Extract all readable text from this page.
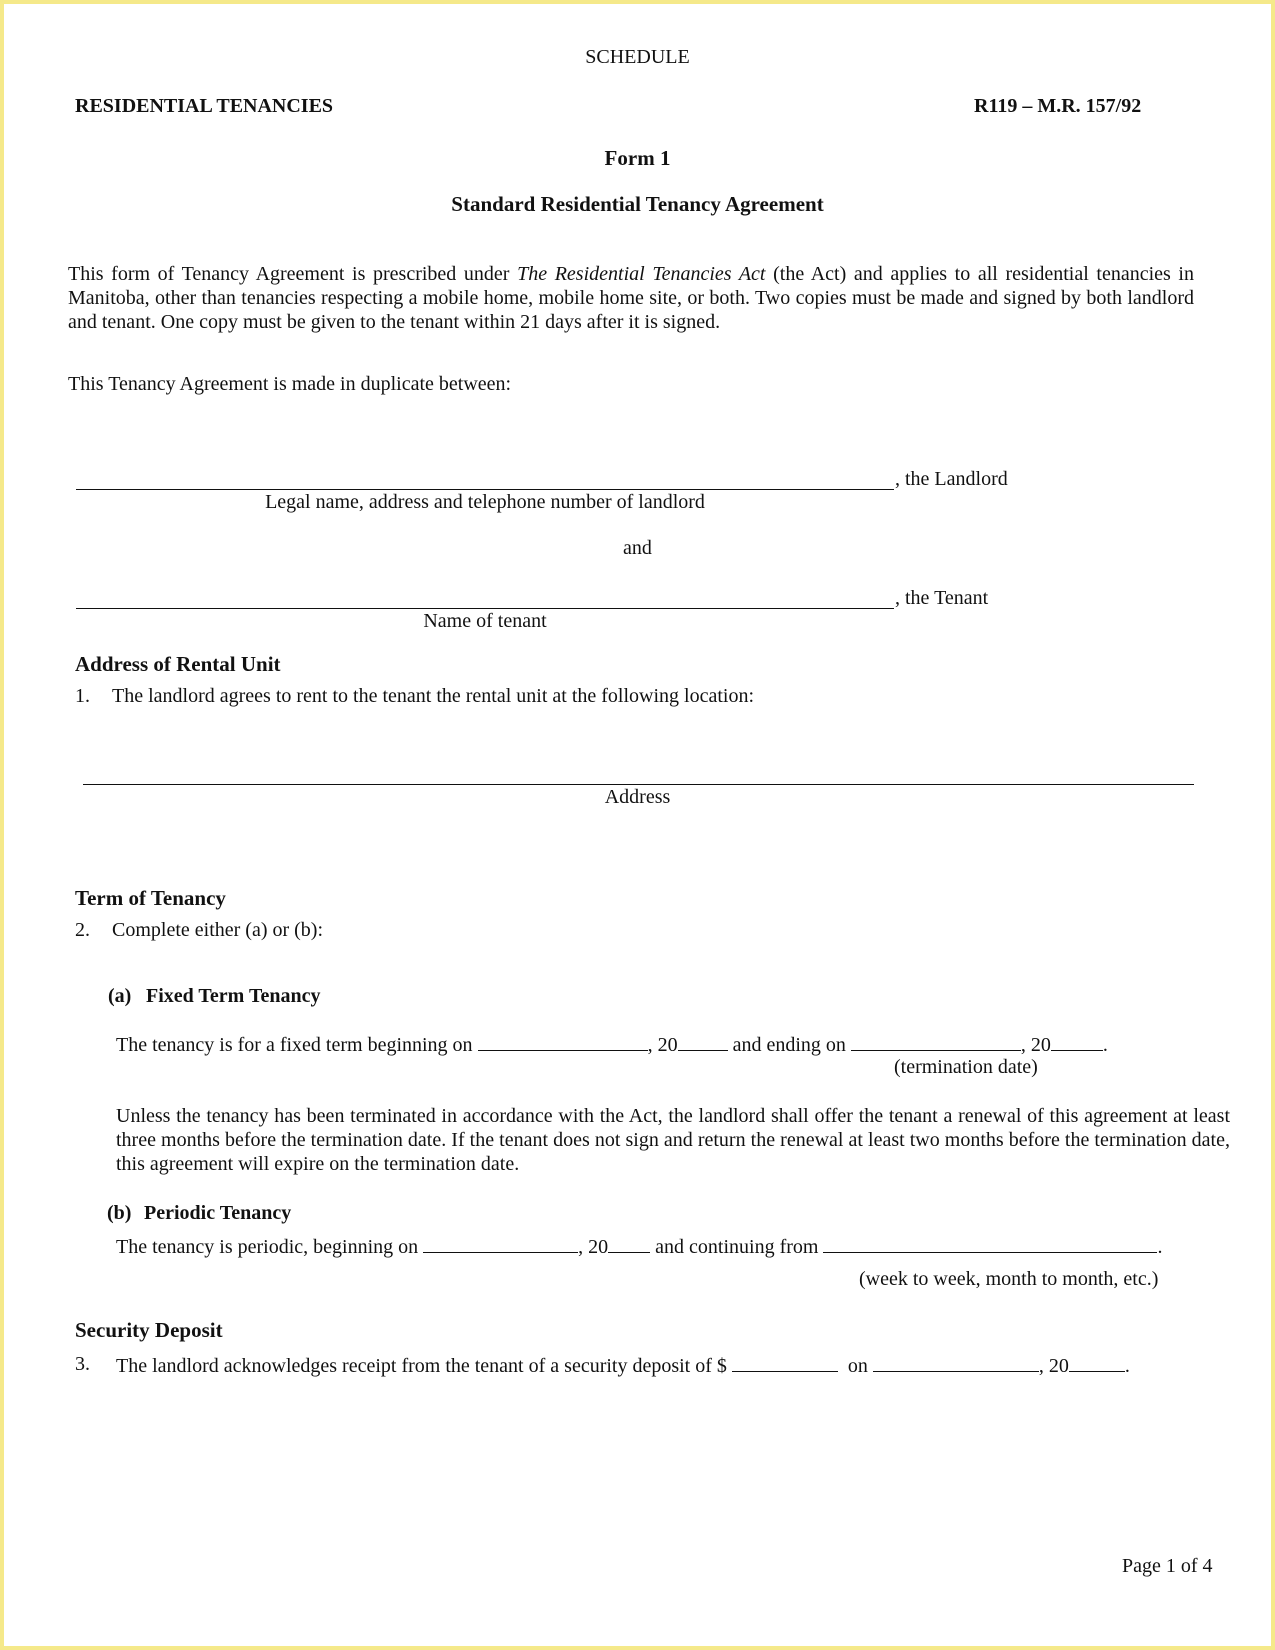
SCHEDULE
RESIDENTIAL TENANCIES	R119 – M.R. 157/92
Form 1
Standard Residential Tenancy Agreement
This form of Tenancy Agreement is prescribed under The Residential Tenancies Act (the Act) and applies to all residential tenancies in Manitoba, other than tenancies respecting a mobile home, mobile home site, or both. Two copies must be made and signed by both landlord and tenant. One copy must be given to the tenant within 21 days after it is signed.
This Tenancy Agreement is made in duplicate between:
, the Landlord
Legal name, address and telephone number of landlord
and
, the Tenant
Name of tenant
Address of Rental Unit
1. The landlord agrees to rent to the tenant the rental unit at the following location:
Address
Term of Tenancy
2. Complete either (a) or (b):
(a) Fixed Term Tenancy
The tenancy is for a fixed term beginning on	, 20	and ending on	, 20	.
(termination date)
Unless the tenancy has been terminated in accordance with the Act, the landlord shall offer the tenant a renewal of this agreement at least three months before the termination date. If the tenant does not sign and return the renewal at least two months before the termination date, this agreement will expire on the termination date.
(b) Periodic Tenancy
The tenancy is periodic, beginning on	, 20 and continuing from	.
(week to week, month to month, etc.)
Security Deposit
3. The landlord acknowledges receipt from the tenant of a security deposit of $	on	, 20	.
Page 1 of 4
